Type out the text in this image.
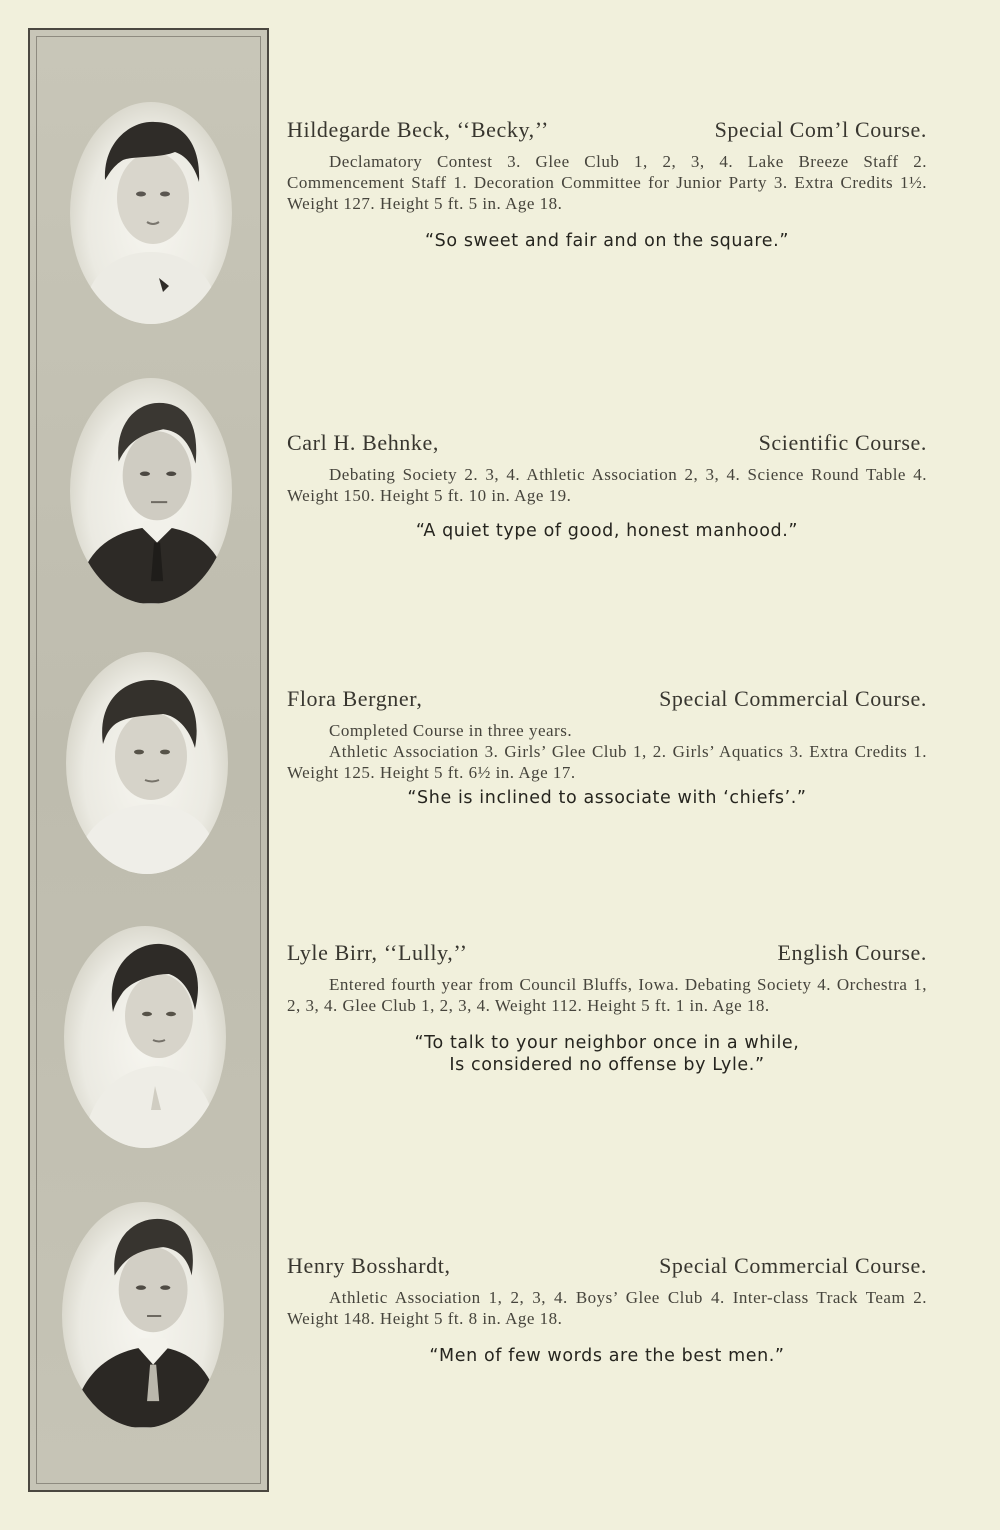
Hildegarde Beck, ‘‘Becky,’’	Special Com’l Course.
Declamatory Contest 3. Glee Club 1, 2, 3, 4. Lake Breeze Staff 2. Commencement Staff 1. Decoration Committee for Junior Party 3. Extra Credits 1½. Weight 127. Height 5 ft. 5 in. Age 18.
“So sweet and fair and on the square.”
Carl H. Behnke,	Scientific Course.
Debating Society 2. 3, 4. Athletic Association 2, 3, 4. Science Round Table 4. Weight 150. Height 5 ft. 10 in. Age 19.
“A quiet type of good, honest manhood.”
Flora Bergner,	Special Commercial Course.
Completed Course in three years.
Athletic Association 3. Girls’ Glee Club 1, 2. Girls’ Aquatics 3. Extra Credits 1. Weight 125. Height 5 ft. 6½ in. Age 17.
“She is inclined to associate with ‘chiefs’.”
Lyle Birr, ‘‘Lully,’’	English Course.
Entered fourth year from Council Bluffs, Iowa. Debating Society 4. Orchestra 1, 2, 3, 4. Glee Club 1, 2, 3, 4. Weight 112. Height 5 ft. 1 in. Age 18.
“To talk to your neighbor once in a while,
Is considered no offense by Lyle.”
Henry Bosshardt,	Special Commercial Course.
Athletic Association 1, 2, 3, 4. Boys’ Glee Club 4. Inter-class Track Team 2. Weight 148. Height 5 ft. 8 in. Age 18.
“Men of few words are the best men.”
